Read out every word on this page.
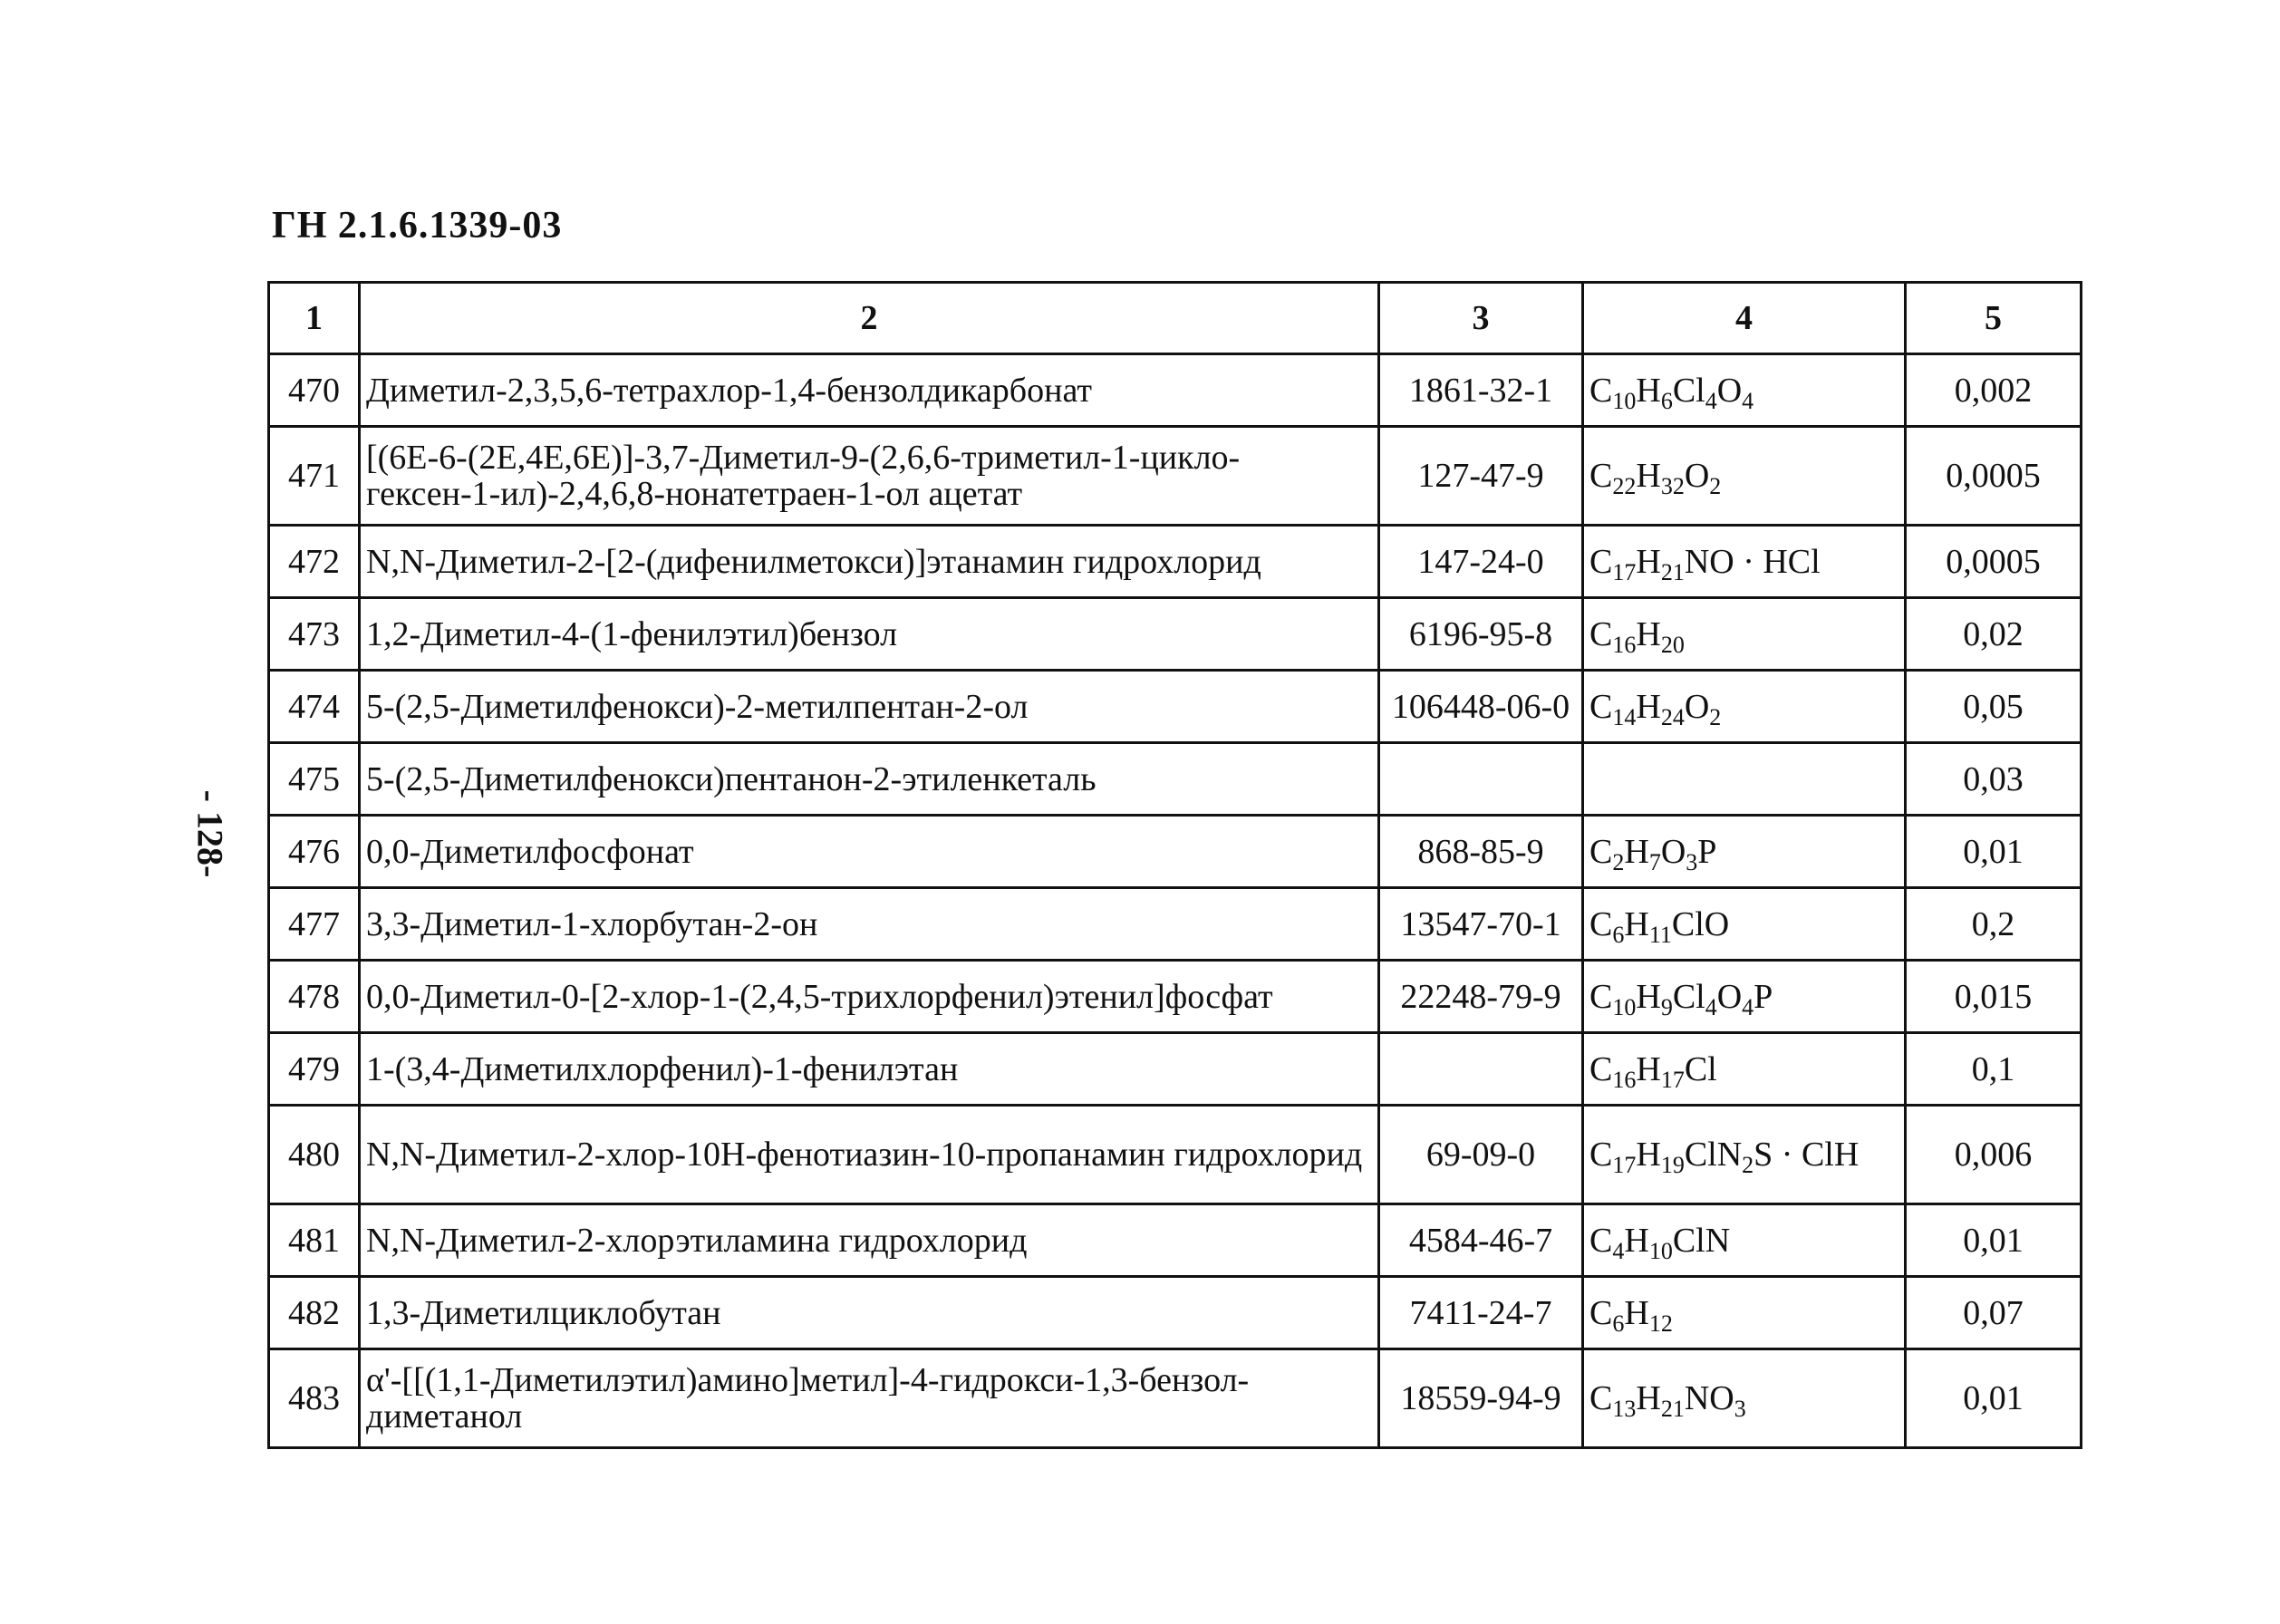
ГН 2.1.6.1339-03
- 128-
1	2	3	4	5
470	Диметил-2,3,5,6-тетрахлор-1,4-бензолдикарбонат	1861-32-1	$C_{10}H_6Cl_4O_4$	0,002
471	[(6E-6-(2E,4E,6E)]-3,7-Диметил-9-(2,6,6-триметил-1-цикло-гексен-1-ил)-2,4,6,8-нонатетраен-1-ол ацетат	127-47-9	$C_{22}H_{32}O_2$	0,0005
472	N,N-Диметил-2-[2-(дифенилметокси)]этанамин гидрохлорид	147-24-0	$C_{17}H_{21}NO$ · HCl	0,0005
473	1,2-Диметил-4-(1-фенилэтил)бензол	6196-95-8	$C_{16}H_{20}$	0,02
474	5-(2,5-Диметилфенокси)-2-метилпентан-2-ол	106448-06-0	$C_{14}H_{24}O_2$	0,05
475	5-(2,5-Диметилфенокси)пентанон-2-этиленкеталь			0,03
476	0,0-Диметилфосфонат	868-85-9	$C_2H_7O_3P$	0,01
477	3,3-Диметил-1-хлорбутан-2-он	13547-70-1	$C_6H_{11}ClO$	0,2
478	0,0-Диметил-0-[2-хлор-1-(2,4,5-трихлорфенил)этенил]фосфат	22248-79-9	$C_{10}H_9Cl_4O_4P$	0,015
479	1-(3,4-Диметилхлорфенил)-1-фенилэтан		$C_{16}H_{17}Cl$	0,1
480	N,N-Диметил-2-хлор-10H-фенотиазин-10-пропанамин гидрохлорид	69-09-0	$C_{17}H_{19}ClN_2S$ · ClH	0,006
481	N,N-Диметил-2-хлорэтиламина гидрохлорид	4584-46-7	$C_4H_{10}ClN$	0,01
482	1,3-Диметилциклобутан	7411-24-7	$C_6H_{12}$	0,07
483	α'-[[(1,1-Диметилэтил)амино]метил]-4-гидрокси-1,3-бензол-диметанол	18559-94-9	$C_{13}H_{21}NO_3$	0,01
